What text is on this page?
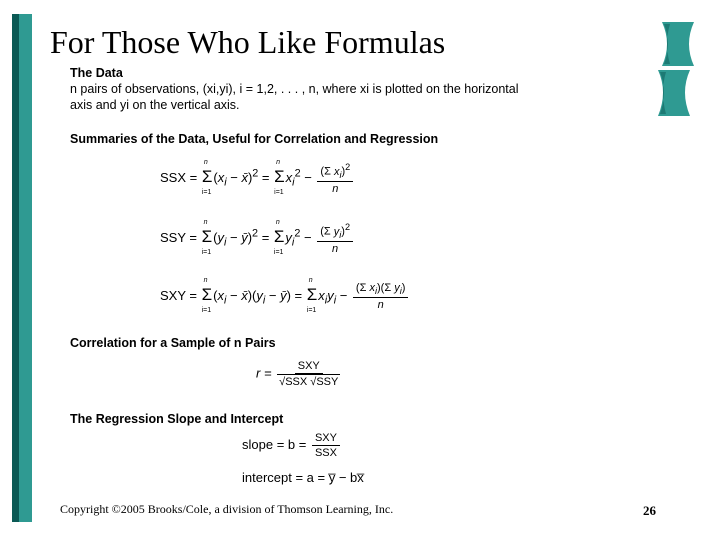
For Those Who Like Formulas
The Data
n pairs of observations, (xi,yi), i = 1,2, . . . , n, where xi is plotted on the horizontal
axis and yi on the vertical axis.
Summaries of the Data, Useful for Correlation and Regression
SSX = Σ
n
i=1
($x_i$ − x̄)$^2$ = Σ
n
i=1
$x_i^2 - \frac{(\Sigma x_i)^2}{n}$
SSY = Σ
n
i=1
($y_i$ − ȳ)$^2$ = Σ
n
i=1
$y_i^2 - \frac{(\Sigma y_i)^2}{n}$
SXY = Σ
n
i=1
($x_i$ − $x̄)(y_i$ − ȳ) = Σ
n
i=1
$x_iy_i - \frac{(\Sigma x_i)(\Sigma y_i)}{n}$
Correlation for a Sample of n Pairs
$r = \frac{\text{SXY}}{\text{√SSX √SSY}}$
The Regression Slope and Intercept
slope = $b = \frac{\text{SXY}}{\text{SSX}}$
intercept = a = y̅ − bx̅
Copyright ©2005 Brooks/Cole, a division of Thomson Learning, Inc.	26
